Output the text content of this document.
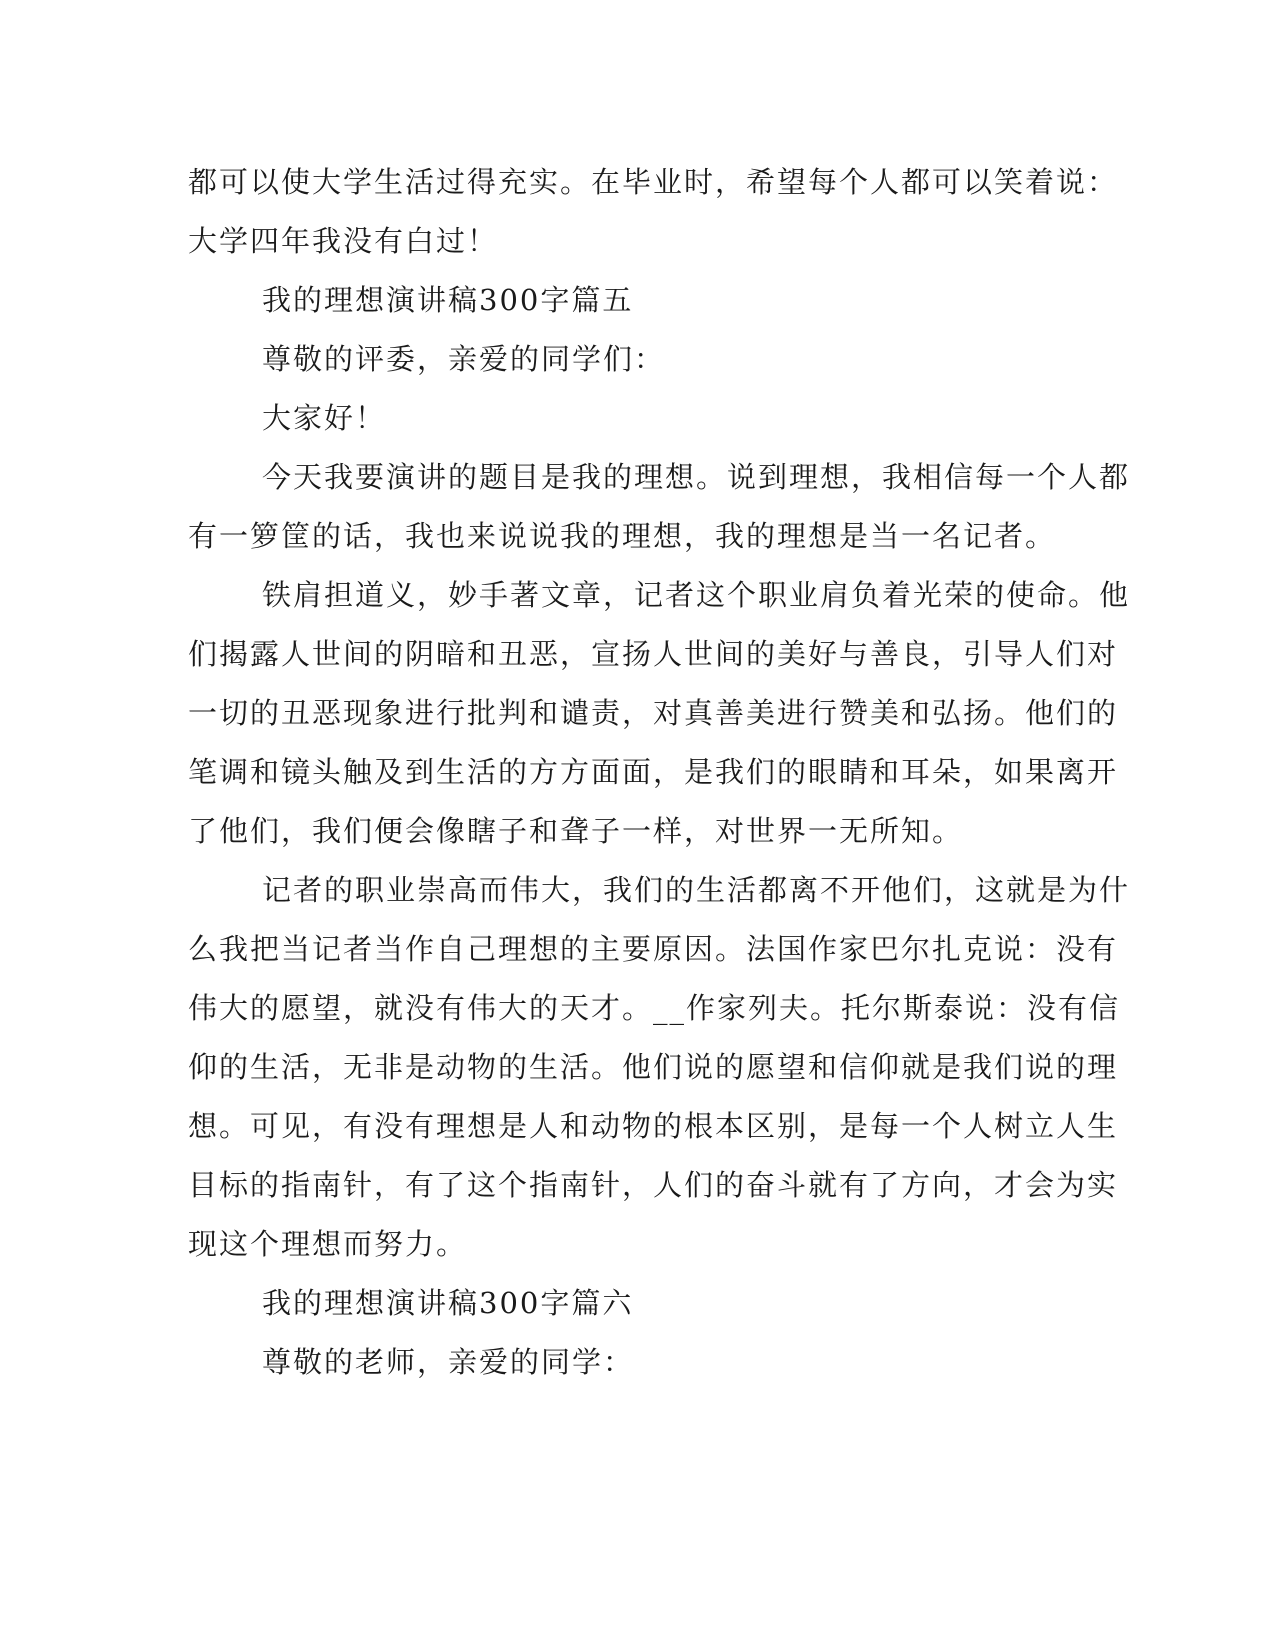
都可以使大学生活过得充实。在毕业时，希望每个人都可以笑着说：
大学四年我没有白过！
我的理想演讲稿300字篇五
尊敬的评委，亲爱的同学们：
大家好！
今天我要演讲的题目是我的理想。说到理想，我相信每一个人都
有一箩筐的话，我也来说说我的理想，我的理想是当一名记者。
铁肩担道义，妙手著文章，记者这个职业肩负着光荣的使命。他
们揭露人世间的阴暗和丑恶，宣扬人世间的美好与善良，引导人们对
一切的丑恶现象进行批判和谴责，对真善美进行赞美和弘扬。他们的
笔调和镜头触及到生活的方方面面，是我们的眼睛和耳朵，如果离开
了他们，我们便会像瞎子和聋子一样，对世界一无所知。
记者的职业崇高而伟大，我们的生活都离不开他们，这就是为什
么我把当记者当作自己理想的主要原因。法国作家巴尔扎克说：没有
伟大的愿望，就没有伟大的天才。__作家列夫。托尔斯泰说：没有信
仰的生活，无非是动物的生活。他们说的愿望和信仰就是我们说的理
想。可见，有没有理想是人和动物的根本区别，是每一个人树立人生
目标的指南针，有了这个指南针，人们的奋斗就有了方向，才会为实
现这个理想而努力。
我的理想演讲稿300字篇六
尊敬的老师，亲爱的同学：
